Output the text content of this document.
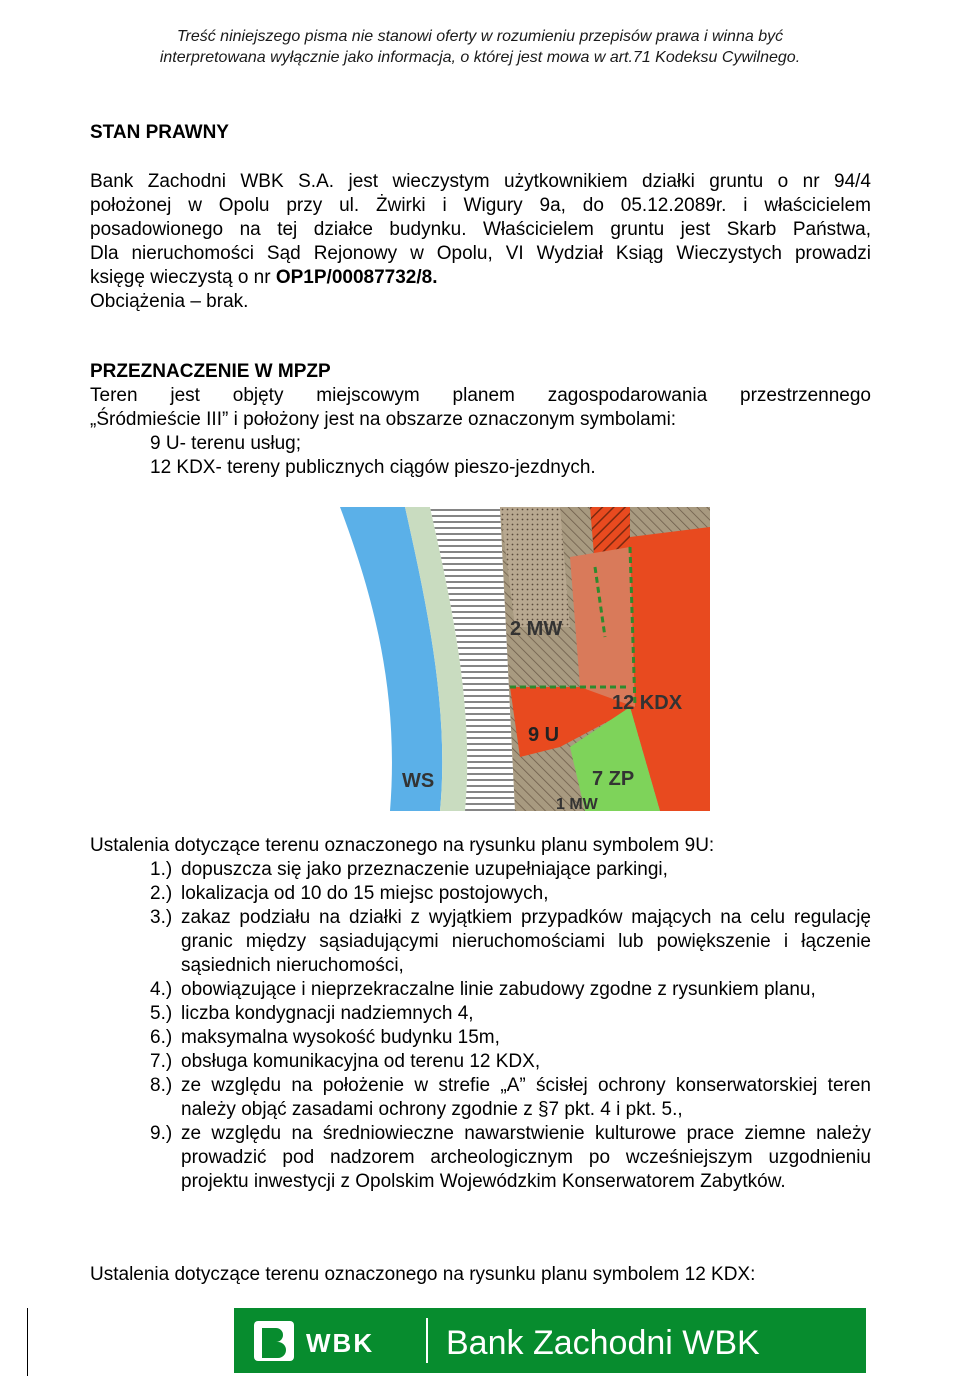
Treść niniejszego pisma nie stanowi oferty w rozumieniu przepisów prawa i winna być
interpretowana wyłącznie jako informacja, o której jest mowa w art.71 Kodeksu Cywilnego.
STAN PRAWNY
Bank Zachodni WBK S.A. jest wieczystym użytkownikiem działki gruntu o nr 94/4
położonej w Opolu przy ul. Żwirki i Wigury 9a, do 05.12.2089r. i właścicielem
posadowionego na tej działce budynku. Właścicielem gruntu jest Skarb Państwa,
Dla nieruchomości Sąd Rejonowy w Opolu, VI Wydział Ksiąg Wieczystych prowadzi
księgę wieczystą o nr OP1P/00087732/8.
Obciążenia – brak.
PRZEZNACZENIE W MPZP
Teren jest objęty miejscowym planem zagospodarowania przestrzennego
„Śródmieście III” i położony jest na obszarze oznaczonym symbolami:
9 U- terenu usług;
12 KDX- tereny publicznych ciągów pieszo-jezdnych.
2 MW
9 U
12 KDX
7 ZP
WS
1 MW
Ustalenia dotyczące terenu oznaczonego na rysunku planu symbolem 9U:
1.) dopuszcza się jako przeznaczenie uzupełniające parkingi,
2.) lokalizacja od 10 do 15 miejsc postojowych,
3.) zakaz podziału na działki z wyjątkiem przypadków mających na celu regulację granic między sąsiadującymi nieruchomościami lub powiększenie i łączenie sąsiednich nieruchomości,
4.) obowiązujące i nieprzekraczalne linie zabudowy zgodne z rysunkiem planu,
5.) liczba kondygnacji nadziemnych 4,
6.) maksymalna wysokość budynku 15m,
7.) obsługa komunikacyjna od terenu 12 KDX,
8.) ze względu na położenie w strefie „A” ścisłej ochrony konserwatorskiej teren należy objąć zasadami ochrony zgodnie z §7 pkt. 4 i pkt. 5.,
9.) ze względu na średniowieczne nawarstwienie kulturowe prace ziemne należy prowadzić pod nadzorem archeologicznym po wcześniejszym uzgodnieniu projektu inwestycji z Opolskim Wojewódzkim Konserwatorem Zabytków.
Ustalenia dotyczące terenu oznaczonego na rysunku planu symbolem 12 KDX:
WBK Bank Zachodni WBK
